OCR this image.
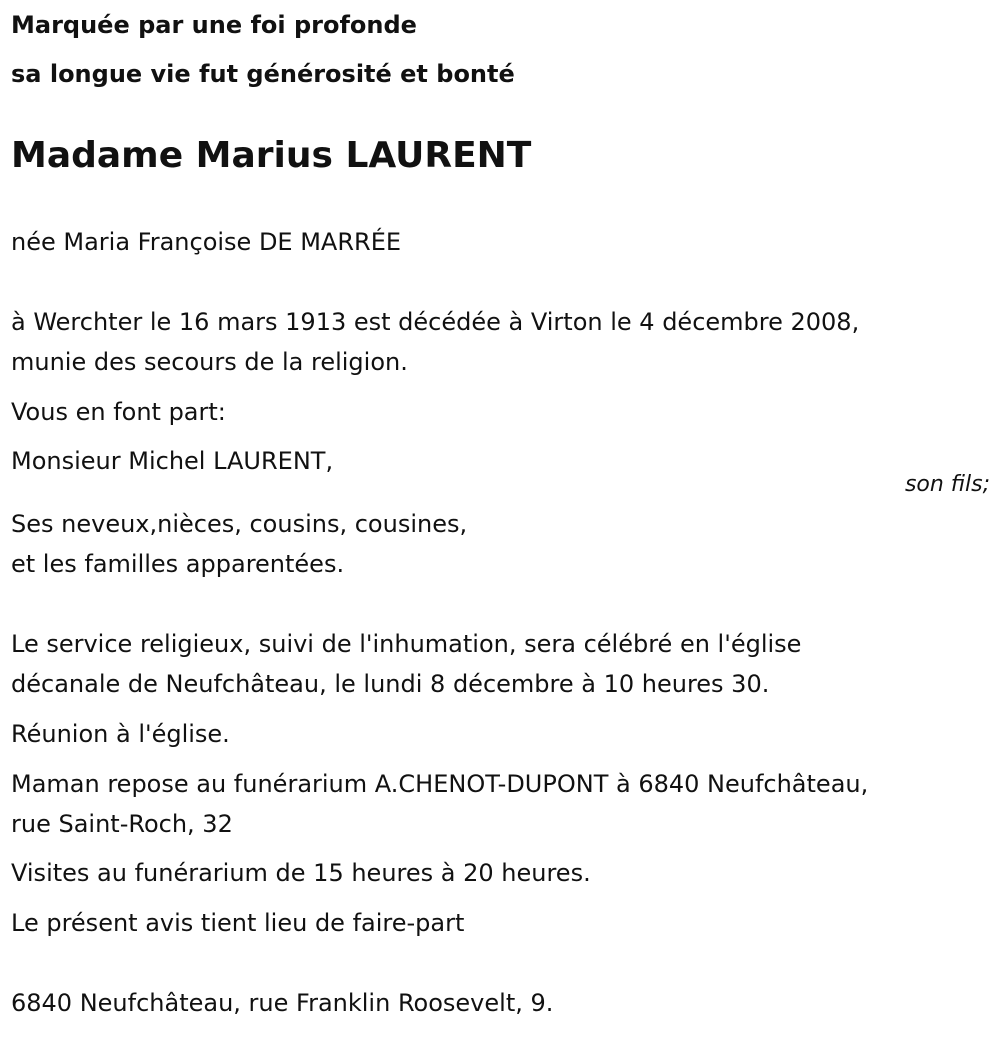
Marquée par une foi profonde
sa longue vie fut générosité et bonté
Madame Marius LAURENT
née Maria Françoise DE MARRÉE
à Werchter le 16 mars 1913 est décédée à Virton le 4 décembre 2008,
munie des secours de la religion.
Vous en font part:
Monsieur Michel LAURENT,
son fils;
Ses neveux,nièces, cousins, cousines,
et les familles apparentées.
Le service religieux, suivi de l'inhumation, sera célébré en l'église
décanale de Neufchâteau, le lundi 8 décembre à 10 heures 30.
Réunion à l'église.
Maman repose au funérarium A.CHENOT-DUPONT à 6840 Neufchâteau,
rue Saint-Roch, 32
Visites au funérarium de 15 heures à 20 heures.
Le présent avis tient lieu de faire-part
6840 Neufchâteau, rue Franklin Roosevelt, 9.
